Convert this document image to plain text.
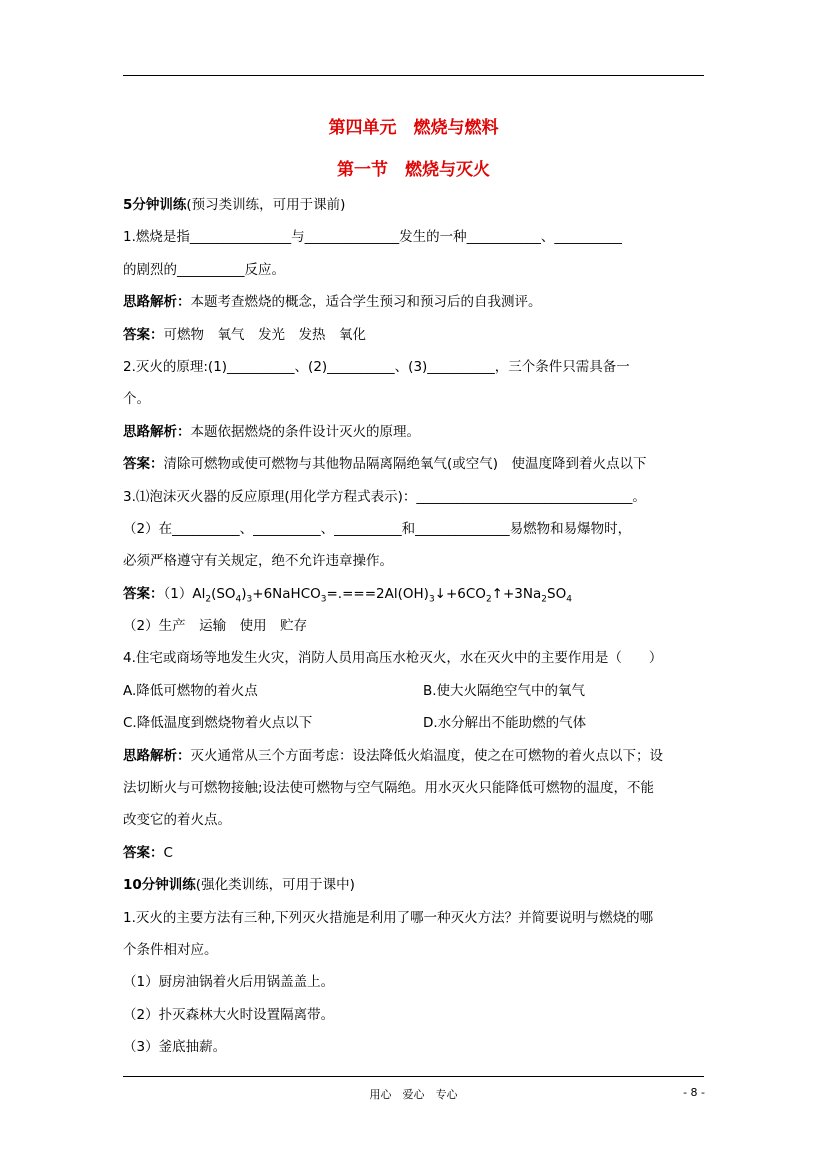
第四单元　燃烧与燃料
第一节　燃烧与灭火
5分钟训练(预习类训练，可用于课前)
1.燃烧是指_______________与______________发生的一种___________、__________
的剧烈的__________反应。
思路解析：本题考查燃烧的概念，适合学生预习和预习后的自我测评。
答案：可燃物　氧气　发光　发热　氧化
2.灭火的原理:(1)__________、(2)__________、(3)__________，三个条件只需具备一
个。
思路解析：本题依据燃烧的条件设计灭火的原理。
答案：清除可燃物或使可燃物与其他物品隔离隔绝氧气(或空气)　使温度降到着火点以下
3.⑴泡沫灭火器的反应原理(用化学方程式表示)：________________________________。
（2）在__________、__________、__________和______________易燃物和易爆物时，
必须严格遵守有关规定，绝不允许违章操作。
答案：$(1)Al_2(SO_4)_3+6NaHCO_3=.===2Al(OH)_3↓+6CO_2↑+3Na_2SO_4$
（2）生产　运输　使用　贮存
4.住宅或商场等地发生火灾，消防人员用高压水枪灭火，水在灭火中的主要作用是（　　）
A.降低可燃物的着火点	B.使大火隔绝空气中的氧气
C.降低温度到燃烧物着火点以下	D.水分解出不能助燃的气体
思路解析：灭火通常从三个方面考虑：设法降低火焰温度，使之在可燃物的着火点以下；设
法切断火与可燃物接触;设法使可燃物与空气隔绝。用水灭火只能降低可燃物的温度，不能
改变它的着火点。
答案：C
10分钟训练(强化类训练，可用于课中)
1.灭火的主要方法有三种,下列灭火措施是利用了哪一种灭火方法？并简要说明与燃烧的哪
个条件相对应。
（1）厨房油锅着火后用锅盖盖上。
（2）扑灭森林大火时设置隔离带。
（3）釜底抽薪。
用心　爱心　专心	- 8 -
